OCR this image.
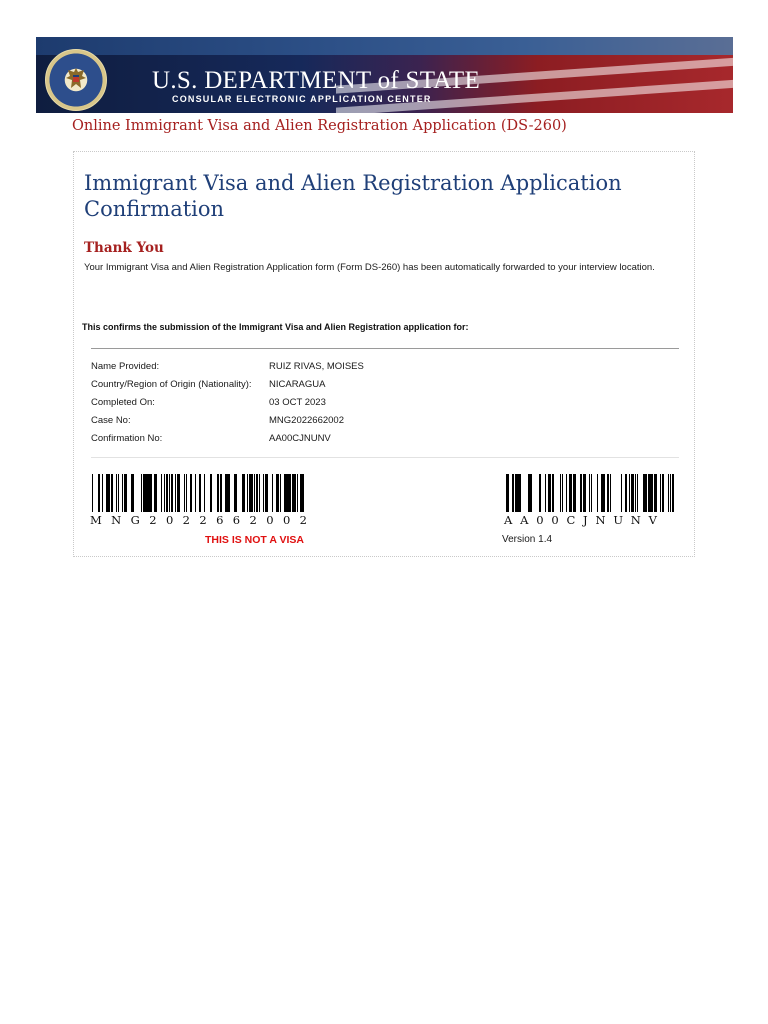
U.S. DEPARTMENT of STATE
CONSULAR ELECTRONIC APPLICATION CENTER
Online Immigrant Visa and Alien Registration Application (DS-260)
Immigrant Visa and Alien Registration Application Confirmation
Thank You
Your Immigrant Visa and Alien Registration Application form (Form DS-260) has been automatically forwarded to your interview location.
This confirms the submission of the Immigrant Visa and Alien Registration application for:
Name Provided:	RUIZ RIVAS, MOISES
Country/Region of Origin (Nationality): NICARAGUA
Completed On:	03 OCT 2023
Case No:	MNG2022662002
Confirmation No:	AA00CJNUNV
MNG2022662002	AA00CJNUNV
THIS IS NOT A VISA	Version 1.4
